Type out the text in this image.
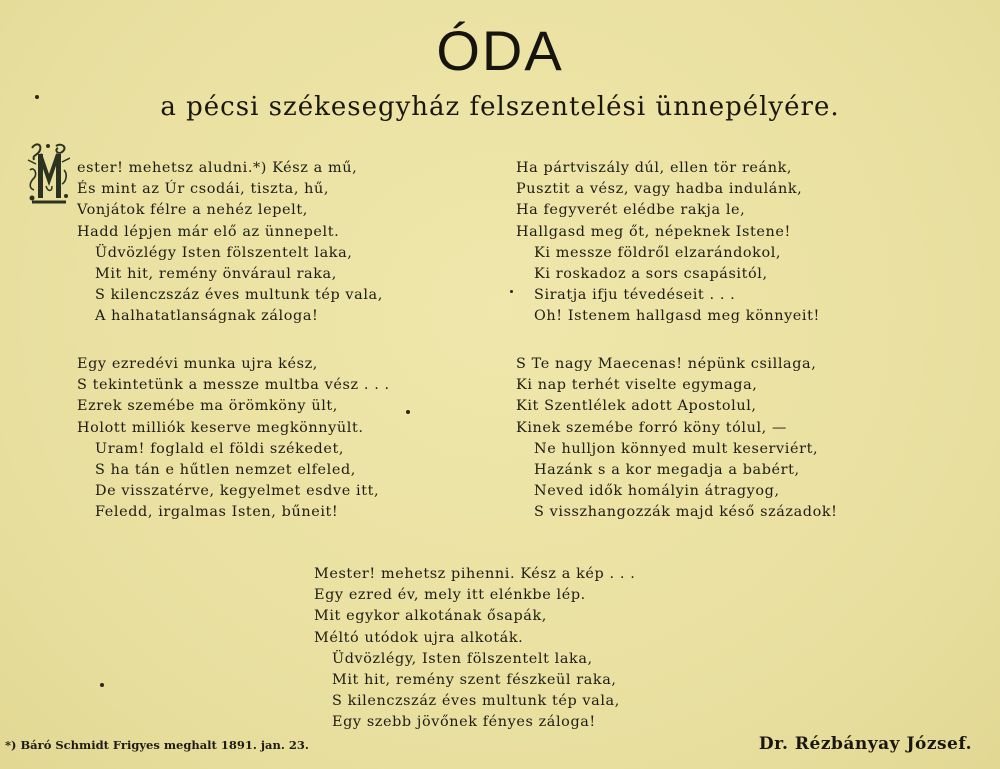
ÓDA
a pécsi székesegyház felszentelési ünnepélyére.
ester! mehetsz aludni.*) Kész a mű,
És mint az Úr csodái, tiszta, hű,
Vonjátok félre a nehéz lepelt,
Hadd lépjen már elő az ünnepelt.
Üdvözlégy Isten fölszentelt laka,
Mit hit, remény önváraul raka,
S kilenczszáz éves multunk tép vala,
A halhatatlanságnak záloga!
Ha pártviszály dúl, ellen tör reánk,
Pusztit a vész, vagy hadba indulánk,
Ha fegyverét elédbe rakja le,
Hallgasd meg őt, népeknek Istene!
Ki messze földről elzarándokol,
Ki roskadoz a sors csapásitól,
Siratja ifju tévedéseit . . .
Oh! Istenem hallgasd meg könnyeit!
Egy ezredévi munka ujra kész,
S tekintetünk a messze multba vész . . .
Ezrek szemébe ma örömköny ült,
Holott milliók keserve megkönnyült.
Uram! foglald el földi székedet,
S ha tán e hűtlen nemzet elfeled,
De visszatérve, kegyelmet esdve itt,
Feledd, irgalmas Isten, bűneit!
S Te nagy Maecenas! népünk csillaga,
Ki nap terhét viselte egymaga,
Kit Szentlélek adott Apostolul,
Kinek szemébe forró köny tólul, —
Ne hulljon könnyed mult keserviért,
Hazánk s a kor megadja a babért,
Neved idők homályin átragyog,
S visszhangozzák majd késő századok!
Mester! mehetsz pihenni. Kész a kép . . .
Egy ezred év, mely itt elénkbe lép.
Mit egykor alkotának ősapák,
Méltó utódok ujra alkoták.
Üdvözlégy, Isten fölszentelt laka,
Mit hit, remény szent fészkeül raka,
S kilenczszáz éves multunk tép vala,
Egy szebb jövőnek fényes záloga!
*) Báró Schmidt Frigyes meghalt 1891. jan. 23.	Dr. Rézbányay József.
